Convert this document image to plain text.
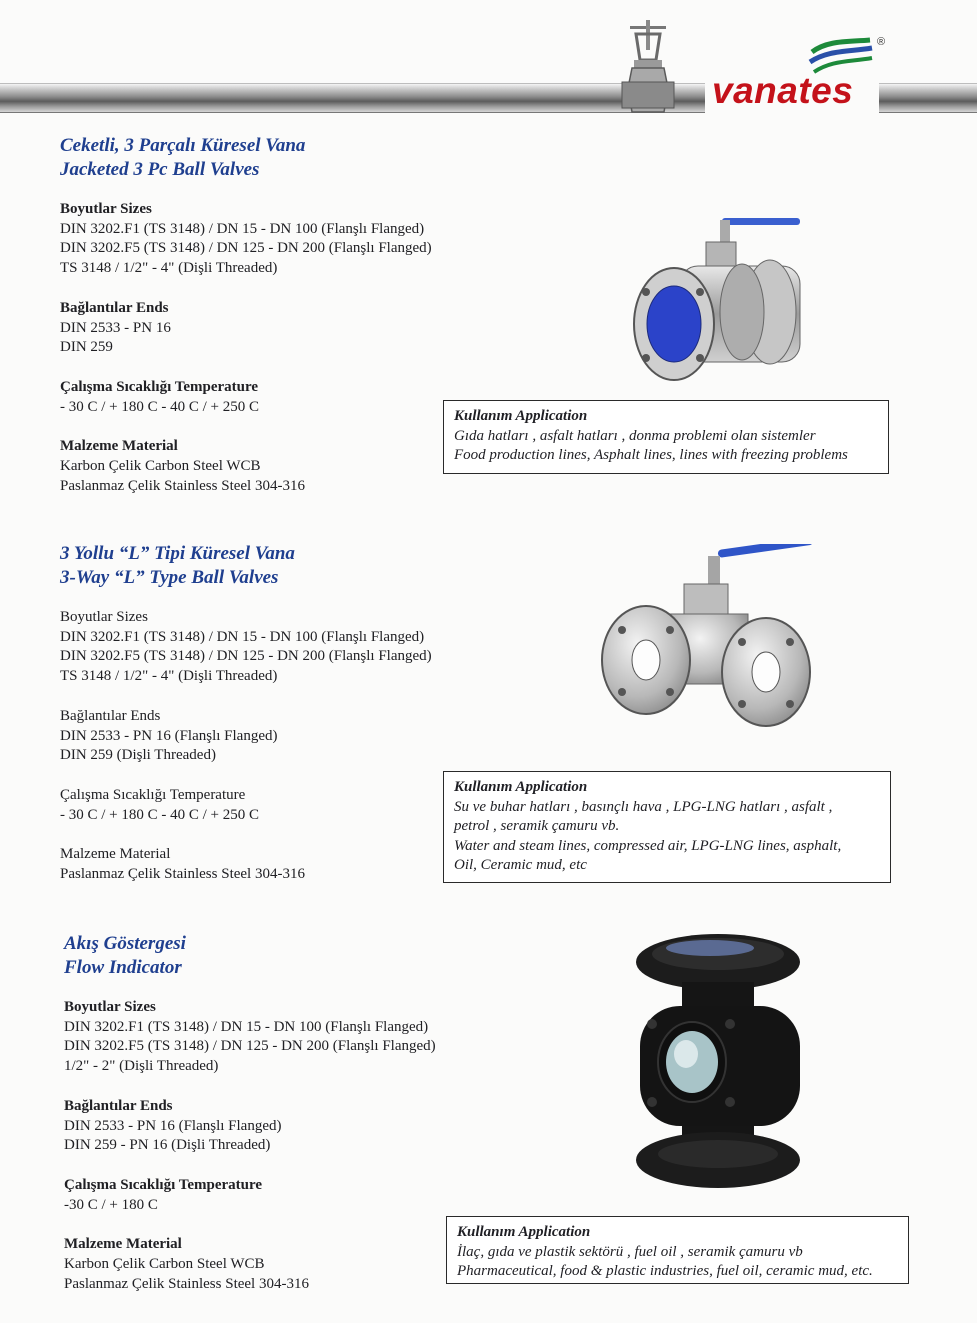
vanates
®
Ceketli, 3 Parçalı Küresel Vana
Jacketed 3 Pc Ball Valves
Boyutlar Sizes
DIN 3202.F1 (TS 3148) / DN 15 - DN 100 (Flanşlı Flanged)
DIN 3202.F5 (TS 3148) / DN 125 - DN 200 (Flanşlı Flanged)
TS 3148 / 1/2" - 4" (Dişli Threaded)
Bağlantılar Ends
DIN 2533 - PN 16
DIN 259
Çalışma Sıcaklığı Temperature
- 30 C / + 180 C - 40 C / + 250 C
Malzeme Material
Karbon Çelik Carbon Steel WCB
Paslanmaz Çelik Stainless Steel 304-316
Kullanım Application
Gıda hatları , asfalt hatları , donma problemi olan sistemler
Food production lines, Asphalt lines, lines with freezing problems
3 Yollu “L” Tipi Küresel Vana
3-Way “L” Type Ball Valves
Boyutlar Sizes
DIN 3202.F1 (TS 3148) / DN 15 - DN 100 (Flanşlı Flanged)
DIN 3202.F5 (TS 3148) / DN 125 - DN 200 (Flanşlı Flanged)
TS 3148 / 1/2" - 4" (Dişli Threaded)
Bağlantılar Ends
DIN 2533 - PN 16 (Flanşlı Flanged)
DIN 259 (Dişli Threaded)
Çalışma Sıcaklığı Temperature
- 30 C / + 180 C - 40 C / + 250 C
Malzeme Material
Paslanmaz Çelik Stainless Steel 304-316
Kullanım Application
Su ve buhar hatları , basınçlı hava , LPG-LNG hatları , asfalt ,
petrol , seramik çamuru vb.
Water and steam lines, compressed air, LPG-LNG lines, asphalt,
Oil, Ceramic mud, etc
Akış Göstergesi
Flow Indicator
Boyutlar Sizes
DIN 3202.F1 (TS 3148) / DN 15 - DN 100 (Flanşlı Flanged)
DIN 3202.F5 (TS 3148) / DN 125 - DN 200 (Flanşlı Flanged)
1/2" - 2" (Dişli Threaded)
Bağlantılar Ends
DIN 2533 - PN 16 (Flanşlı Flanged)
DIN 259 - PN 16 (Dişli Threaded)
Çalışma Sıcaklığı Temperature
-30 C / + 180 C
Malzeme Material
Karbon Çelik Carbon Steel WCB
Paslanmaz Çelik Stainless Steel 304-316
Kullanım Application
İlaç, gıda ve plastik sektörü , fuel oil , seramik çamuru vb
Pharmaceutical, food & plastic industries, fuel oil, ceramic mud, etc.
